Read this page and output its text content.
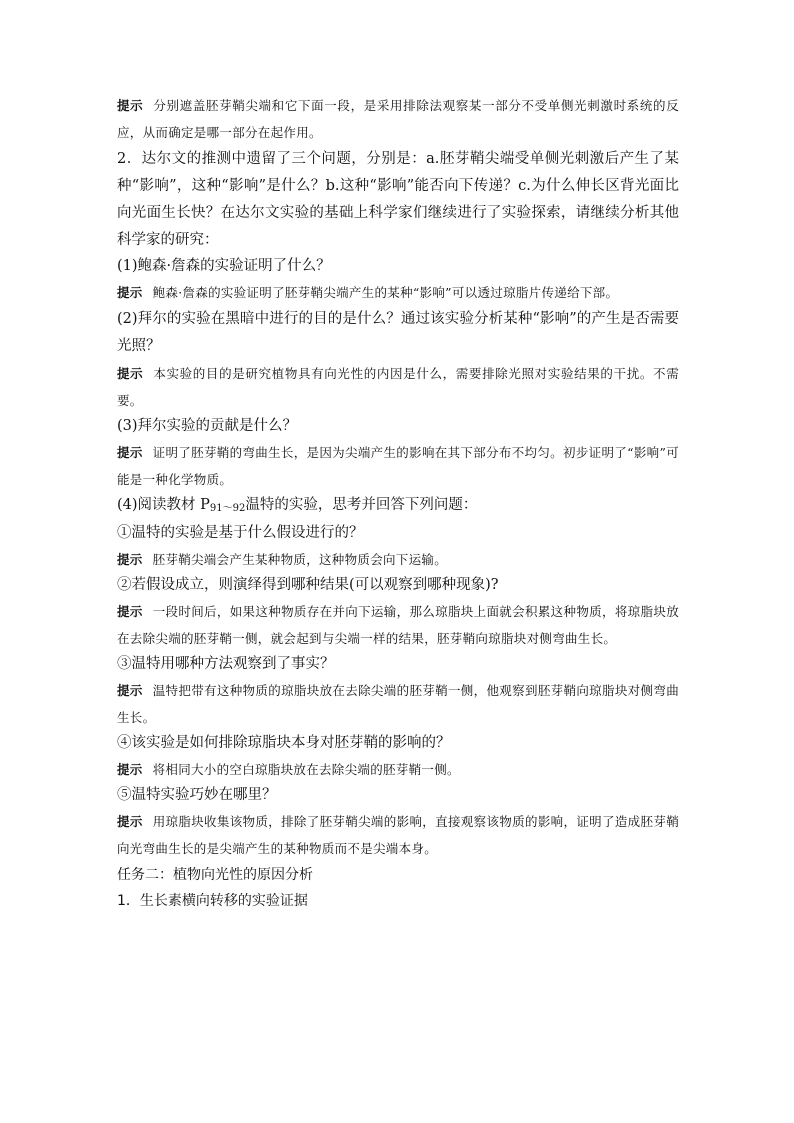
提示 分别遮盖胚芽鞘尖端和它下面一段，是采用排除法观察某一部分不受单侧光刺激时系统的反应，从而确定是哪一部分在起作用。

2．达尔文的推测中遗留了三个问题，分别是：a.胚芽鞘尖端受单侧光刺激后产生了某种“影响”，这种“影响”是什么？b.这种“影响”能否向下传递？c.为什么伸长区背光面比向光面生长快？在达尔文实验的基础上科学家们继续进行了实验探索，请继续分析其他科学家的研究：

(1)鲍森·詹森的实验证明了什么？

提示 鲍森·詹森的实验证明了胚芽鞘尖端产生的某种“影响”可以透过琼脂片传递给下部。

(2)拜尔的实验在黑暗中进行的目的是什么？通过该实验分析某种“影响”的产生是否需要光照？

提示 本实验的目的是研究植物具有向光性的内因是什么，需要排除光照对实验结果的干扰。不需要。

(3)拜尔实验的贡献是什么？

提示 证明了胚芽鞘的弯曲生长，是因为尖端产生的影响在其下部分布不均匀。初步证明了“影响”可能是一种化学物质。

(4)阅读教材 $P_{91\sim 92}$温特的实验，思考并回答下列问题：

①温特的实验是基于什么假设进行的？

提示 胚芽鞘尖端会产生某种物质，这种物质会向下运输。

②若假设成立，则演绎得到哪种结果(可以观察到哪种现象)?

提示 一段时间后，如果这种物质存在并向下运输，那么琼脂块上面就会积累这种物质，将琼脂块放在去除尖端的胚芽鞘一侧，就会起到与尖端一样的结果，胚芽鞘向琼脂块对侧弯曲生长。

③温特用哪种方法观察到了事实？

提示 温特把带有这种物质的琼脂块放在去除尖端的胚芽鞘一侧，他观察到胚芽鞘向琼脂块对侧弯曲生长。

④该实验是如何排除琼脂块本身对胚芽鞘的影响的？

提示 将相同大小的空白琼脂块放在去除尖端的胚芽鞘一侧。

⑤温特实验巧妙在哪里？

提示 用琼脂块收集该物质，排除了胚芽鞘尖端的影响，直接观察该物质的影响，证明了造成胚芽鞘向光弯曲生长的是尖端产生的某种物质而不是尖端本身。

任务二：植物向光性的原因分析

1．生长素横向转移的实验证据
